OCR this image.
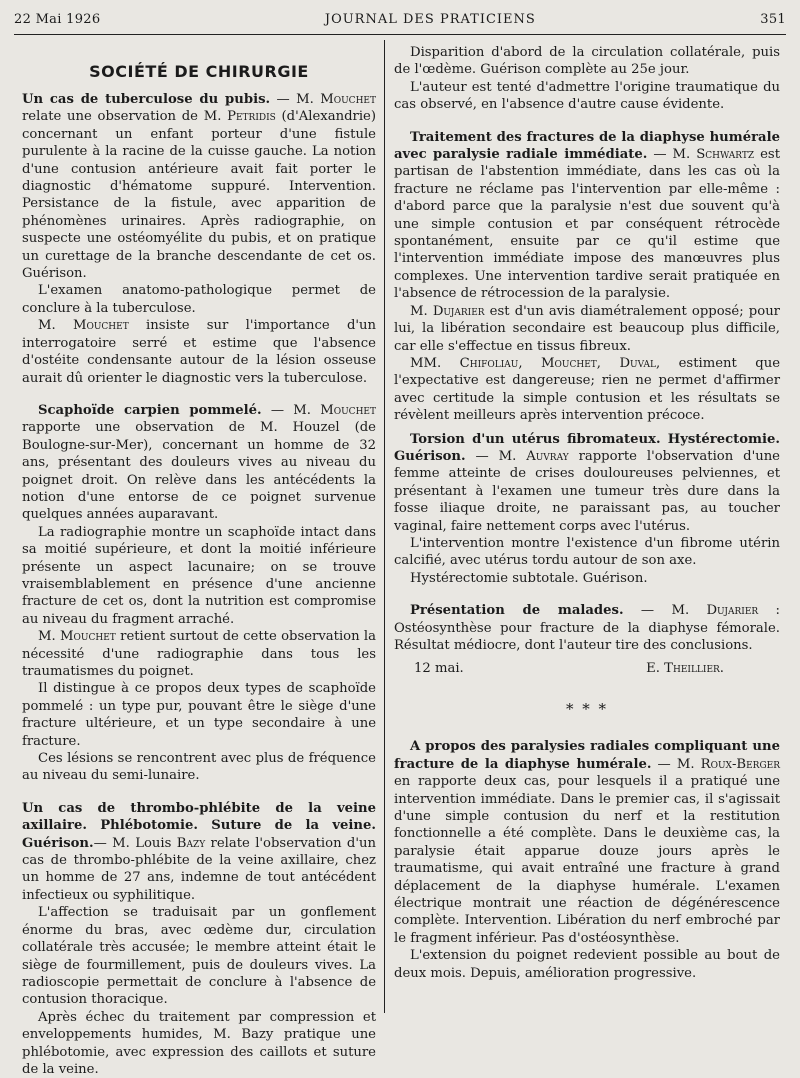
22 Mai 1926	JOURNAL DES PRATICIENS	351
SOCIÉTÉ DE CHIRURGIE

Un cas de tuberculose du pubis. — M. Mouchet relate une observation de M. Petridis (d'Alexandrie) concernant un enfant porteur d'une fistule purulente à la racine de la cuisse gauche. La notion d'une contusion antérieure avait fait porter le diagnostic d'hématome suppuré. Intervention. Persistance de la fistule, avec apparition de phénomènes urinaires. Après radiographie, on suspecte une ostéomyélite du pubis, et on pratique un curettage de la branche descendante de cet os. Guérison.

L'examen anatomo-pathologique permet de conclure à la tuberculose.

M. Mouchet insiste sur l'importance d'un interrogatoire serré et estime que l'absence d'ostéite condensante autour de la lésion osseuse aurait dû orienter le diagnostic vers la tuberculose.

Scaphoïde carpien pommelé. — M. Mouchet rapporte une observation de M. Houzel (de Boulogne-sur-Mer), concernant un homme de 32 ans, présentant des douleurs vives au niveau du poignet droit. On relève dans les antécédents la notion d'une entorse de ce poignet survenue quelques années auparavant.

La radiographie montre un scaphoïde intact dans sa moitié supérieure, et dont la moitié inférieure présente un aspect lacunaire; on se trouve vraisemblablement en présence d'une ancienne fracture de cet os, dont la nutrition est compromise au niveau du fragment arraché.

M. Mouchet retient surtout de cette observation la nécessité d'une radiographie dans tous les traumatismes du poignet.

Il distingue à ce propos deux types de scaphoïde pommelé : un type pur, pouvant être le siège d'une fracture ultérieure, et un type secondaire à une fracture.

Ces lésions se rencontrent avec plus de fréquence au niveau du semi-lunaire.

Un cas de thrombo-phlébite de la veine axillaire. Phlébotomie. Suture de la veine. Guérison.— M. Louis Bazy relate l'observation d'un cas de thrombo-phlébite de la veine axillaire, chez un homme de 27 ans, indemne de tout antécédent infectieux ou syphilitique.

L'affection se traduisait par un gonflement énorme du bras, avec œdème dur, circulation collatérale très accusée; le membre atteint était le siège de fourmillement, puis de douleurs vives. La radioscopie permettait de conclure à l'absence de contusion thoracique.

Après échec du traitement par compression et enveloppements humides, M. Bazy pratique une phlébotomie, avec expression des caillots et suture de la veine.

Disparition d'abord de la circulation collatérale, puis de l'œdème. Guérison complète au 25e jour.

L'auteur est tenté d'admettre l'origine traumatique du cas observé, en l'absence d'autre cause évidente.

Traitement des fractures de la diaphyse humérale avec paralysie radiale immédiate. — M. Schwartz est partisan de l'abstention immédiate, dans les cas où la fracture ne réclame pas l'intervention par elle-même : d'abord parce que la paralysie n'est due souvent qu'à une simple contusion et par conséquent rétrocède spontanément, ensuite par ce qu'il estime que l'intervention immédiate impose des manœuvres plus complexes. Une intervention tardive serait pratiquée en l'absence de rétrocession de la paralysie.

M. Dujarier est d'un avis diamétralement opposé; pour lui, la libération secondaire est beaucoup plus difficile, car elle s'effectue en tissus fibreux.

MM. Chifoliau, Mouchet, Duval, estiment que l'expectative est dangereuse; rien ne permet d'affirmer avec certitude la simple contusion et les résultats se révèlent meilleurs après intervention précoce.

Torsion d'un utérus fibromateux. Hystérectomie. Guérison. — M. Auvray rapporte l'observation d'une femme atteinte de crises douloureuses pelviennes, et présentant à l'examen une tumeur très dure dans la fosse iliaque droite, ne paraissant pas, au toucher vaginal, faire nettement corps avec l'utérus.

L'intervention montre l'existence d'un fibrome utérin calcifié, avec utérus tordu autour de son axe.

Hystérectomie subtotale. Guérison.

Présentation de malades. — M. Dujarier : Ostéosynthèse pour fracture de la diaphyse fémorale. Résultat médiocre, dont l'auteur tire des conclusions.

12 mai.	E. Theillier.
* * *

A propos des paralysies radiales compliquant une fracture de la diaphyse humérale. — M. Roux-Berger en rapporte deux cas, pour lesquels il a pratiqué une intervention immédiate. Dans le premier cas, il s'agissait d'une simple contusion du nerf et la restitution fonctionnelle a été complète. Dans le deuxième cas, la paralysie était apparue douze jours après le traumatisme, qui avait entraîné une fracture à grand déplacement de la diaphyse humérale. L'examen électrique montrait une réaction de dégénérescence complète. Intervention. Libération du nerf embroché par le fragment inférieur. Pas d'ostéosynthèse.

L'extension du poignet redevient possible au bout de deux mois. Depuis, amélioration progressive.
